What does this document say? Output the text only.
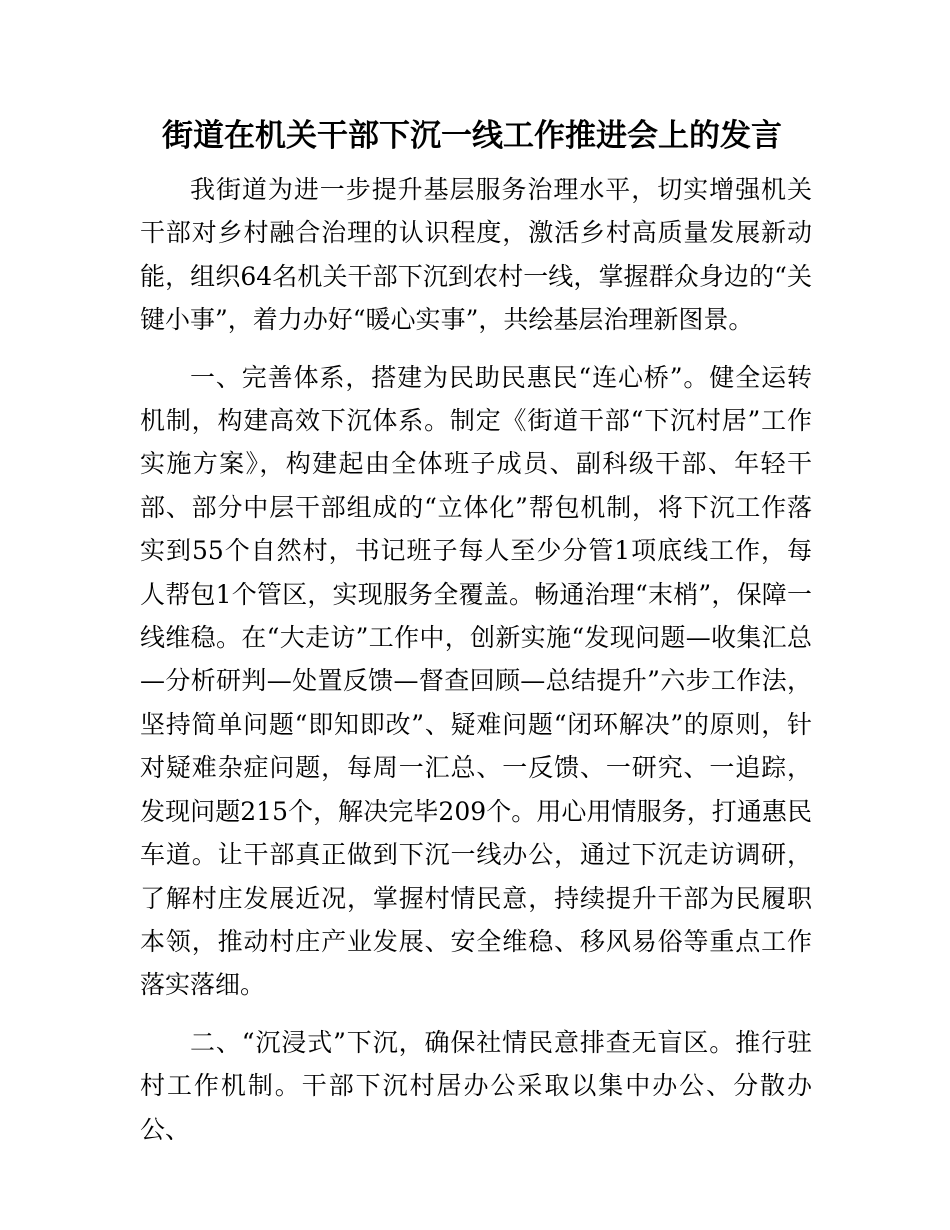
街道在机关干部下沉一线工作推进会上的发言

我街道为进一步提升基层服务治理水平，切实增强机关干部对乡村融合治理的认识程度，激活乡村高质量发展新动能，组织64名机关干部下沉到农村一线，掌握群众身边的“关键小事”，着力办好“暖心实事”，共绘基层治理新图景。

一、完善体系，搭建为民助民惠民“连心桥”。健全运转机制，构建高效下沉体系。制定《街道干部“下沉村居”工作实施方案》，构建起由全体班子成员、副科级干部、年轻干部、部分中层干部组成的“立体化”帮包机制，将下沉工作落实到55个自然村，书记班子每人至少分管1项底线工作，每人帮包1个管区，实现服务全覆盖。畅通治理“末梢”，保障一线维稳。在“大走访”工作中，创新实施“发现问题—收集汇总—分析研判—处置反馈—督查回顾—总结提升”六步工作法，坚持简单问题“即知即改”、疑难问题“闭环解决”的原则，针对疑难杂症问题，每周一汇总、一反馈、一研究、一追踪，发现问题215个，解决完毕209个。用心用情服务，打通惠民车道。让干部真正做到下沉一线办公，通过下沉走访调研，了解村庄发展近况，掌握村情民意，持续提升干部为民履职本领，推动村庄产业发展、安全维稳、移风易俗等重点工作落实落细。

二、“沉浸式”下沉，确保社情民意排查无盲区。推行驻村工作机制。干部下沉村居办公采取以集中办公、分散办公、
